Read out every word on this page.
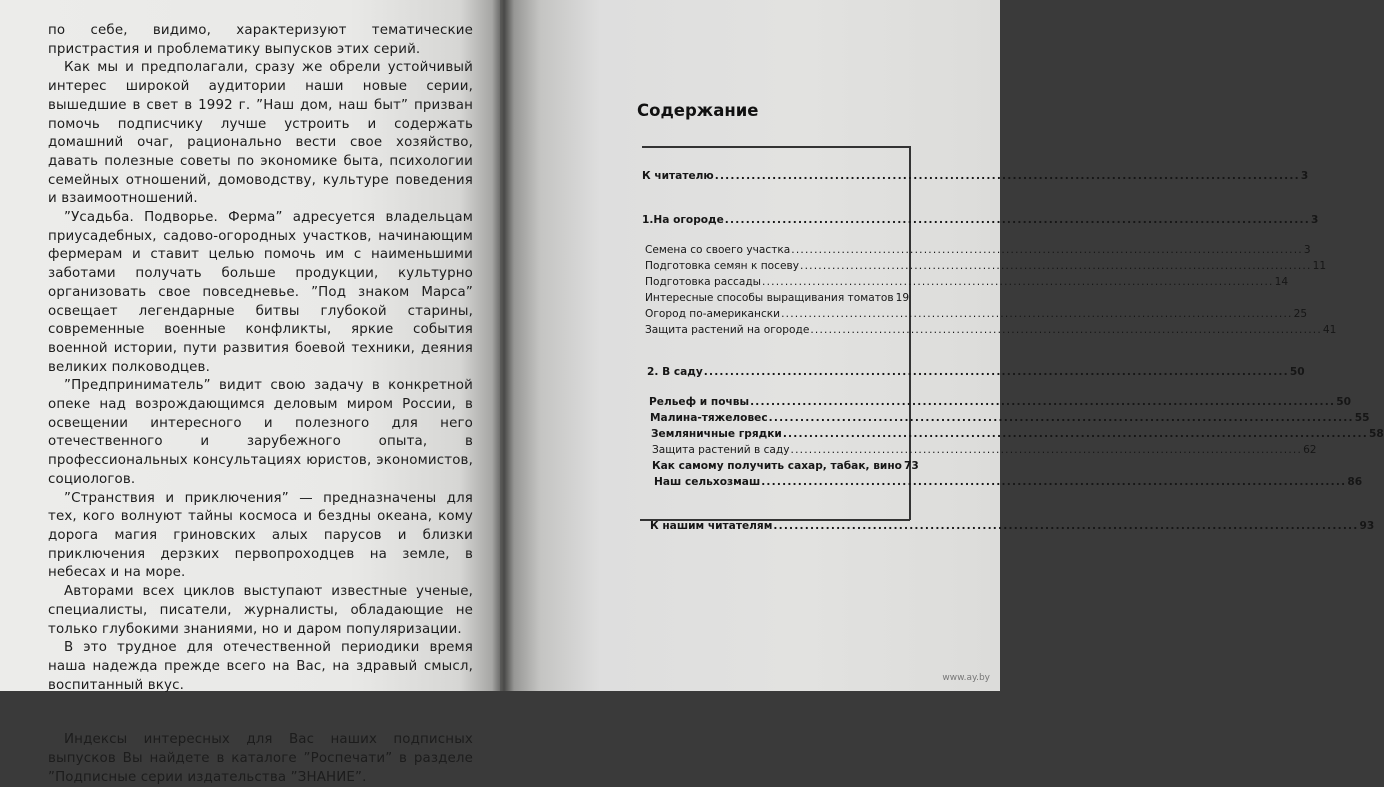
по себе, видимо, характеризуют тематические пристрастия и проблематику выпусков этих серий.

Как мы и предполагали, сразу же обрели устойчивый интерес широкой аудитории наши новые серии, вышедшие в свет в 1992 г. ”Наш дом, наш быт” призван помочь подписчику лучше устроить и содержать домашний очаг, рационально вести свое хозяйство, давать полезные советы по экономике быта, психологии семейных отношений, домоводству, культуре поведения и взаимоотношений.

”Усадьба. Подворье. Ферма” адресуется владельцам приусадебных, садово-огородных участков, начинающим фермерам и ставит целью помочь им с наименьшими заботами получать больше продукции, культурно организовать свое повседневье. ”Под знаком Марса” освещает легендарные битвы глубокой старины, современные военные конфликты, яркие события военной истории, пути развития боевой техники, деяния великих полководцев.

”Предприниматель” видит свою задачу в конкретной опеке над возрождающимся деловым миром России, в освещении интересного и полезного для него отечественного и зарубежного опыта, в профессиональных консультациях юристов, экономистов, социологов.

”Странствия и приключения” — предназначены для тех, кого волнуют тайны космоса и бездны океана, кому дорога магия гриновских алых парусов и близки приключения дерзких первопроходцев на земле, в небесах и на море.

Авторами всех циклов выступают известные ученые, специалисты, писатели, журналисты, обладающие не только глубокими знаниями, но и даром популяризации.

В это трудное для отечественной периодики время наша надежда прежде всего на Вас, на здравый смысл, воспитанный вкус.

Индексы интересных для Вас наших подписных выпусков Вы найдете в каталоге ”Роспечати” в разделе ”Подписные серии издательства ”ЗНАНИЕ”.

Содержание
К читателю .....	3
1.На огороде .....	3
Семена со своего участка .....	3
Подготовка семян к посеву .....	11
Подготовка рассады .....	14
Интересные способы выращивания томатов 19
Огород по-американски .....	25
Защита растений на огороде .....	41
2. В саду .....	50
Рельеф и почвы .....	50
Малина-тяжеловес .....	55
Земляничные грядки .....	58
Защита растений в саду .....	62
Как самому получить сахар, табак, вино 73
Наш сельхозмаш .....	86
К нашим читателям .....	93
www.ay.by
